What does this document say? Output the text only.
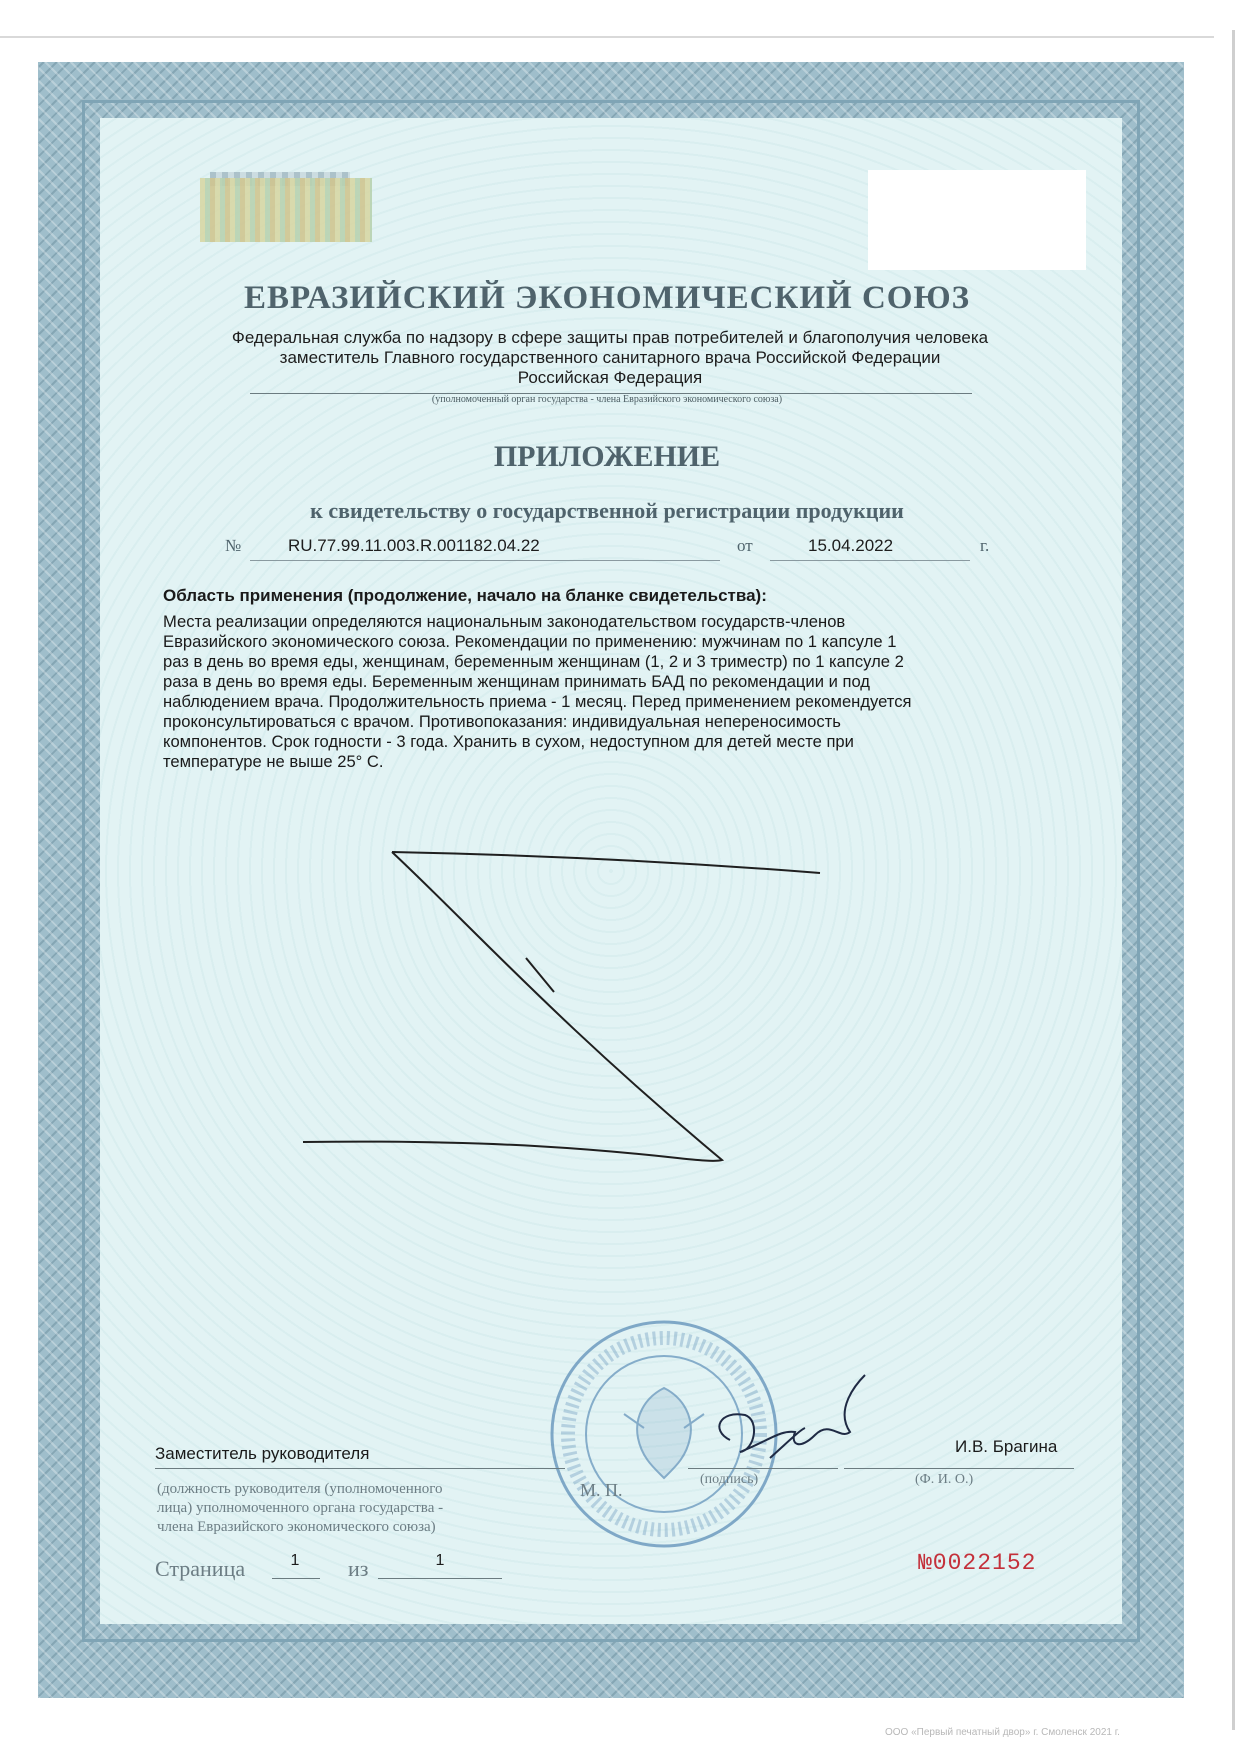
ЕВРАЗИЙСКИЙ ЭКОНОМИЧЕСКИЙ СОЮЗ
Федеральная служба по надзору в сфере защиты прав потребителей и благополучия человека
заместитель Главного государственного санитарного врача Российской Федерации
Российская Федерация
(уполномоченный орган государства - члена Евразийского экономического союза)
ПРИЛОЖЕНИЕ
к свидетельству о государственной регистрации продукции
№	RU.77.99.11.003.R.001182.04.22	от	15.04.2022	г.
Область применения (продолжение, начало на бланке свидетельства):
Места реализации определяются национальным законодательством государств-членов
Евразийского экономического союза. Рекомендации по применению: мужчинам по 1 капсуле 1
раз в день во время еды, женщинам, беременным женщинам (1, 2 и 3 триместр) по 1 капсуле 2
раза в день во время еды. Беременным женщинам принимать БАД по рекомендации и под
наблюдением врача. Продолжительность приема - 1 месяц. Перед применением рекомендуется
проконсультироваться с врачом. Противопоказания: индивидуальная непереносимость
компонентов. Срок годности - 3 года. Хранить в сухом, недоступном для детей месте при
температуре не выше 25° С.
Заместитель руководителя
М. П.
(подпись)
И.В. Брагина
(Ф. И. О.)
(должность руководителя (уполномоченного
лица) уполномоченного органа государства -
члена Евразийского экономического союза)
Страница	1	из	1	№0022152
ООО «Первый печатный двор» г. Смоленск 2021 г.
